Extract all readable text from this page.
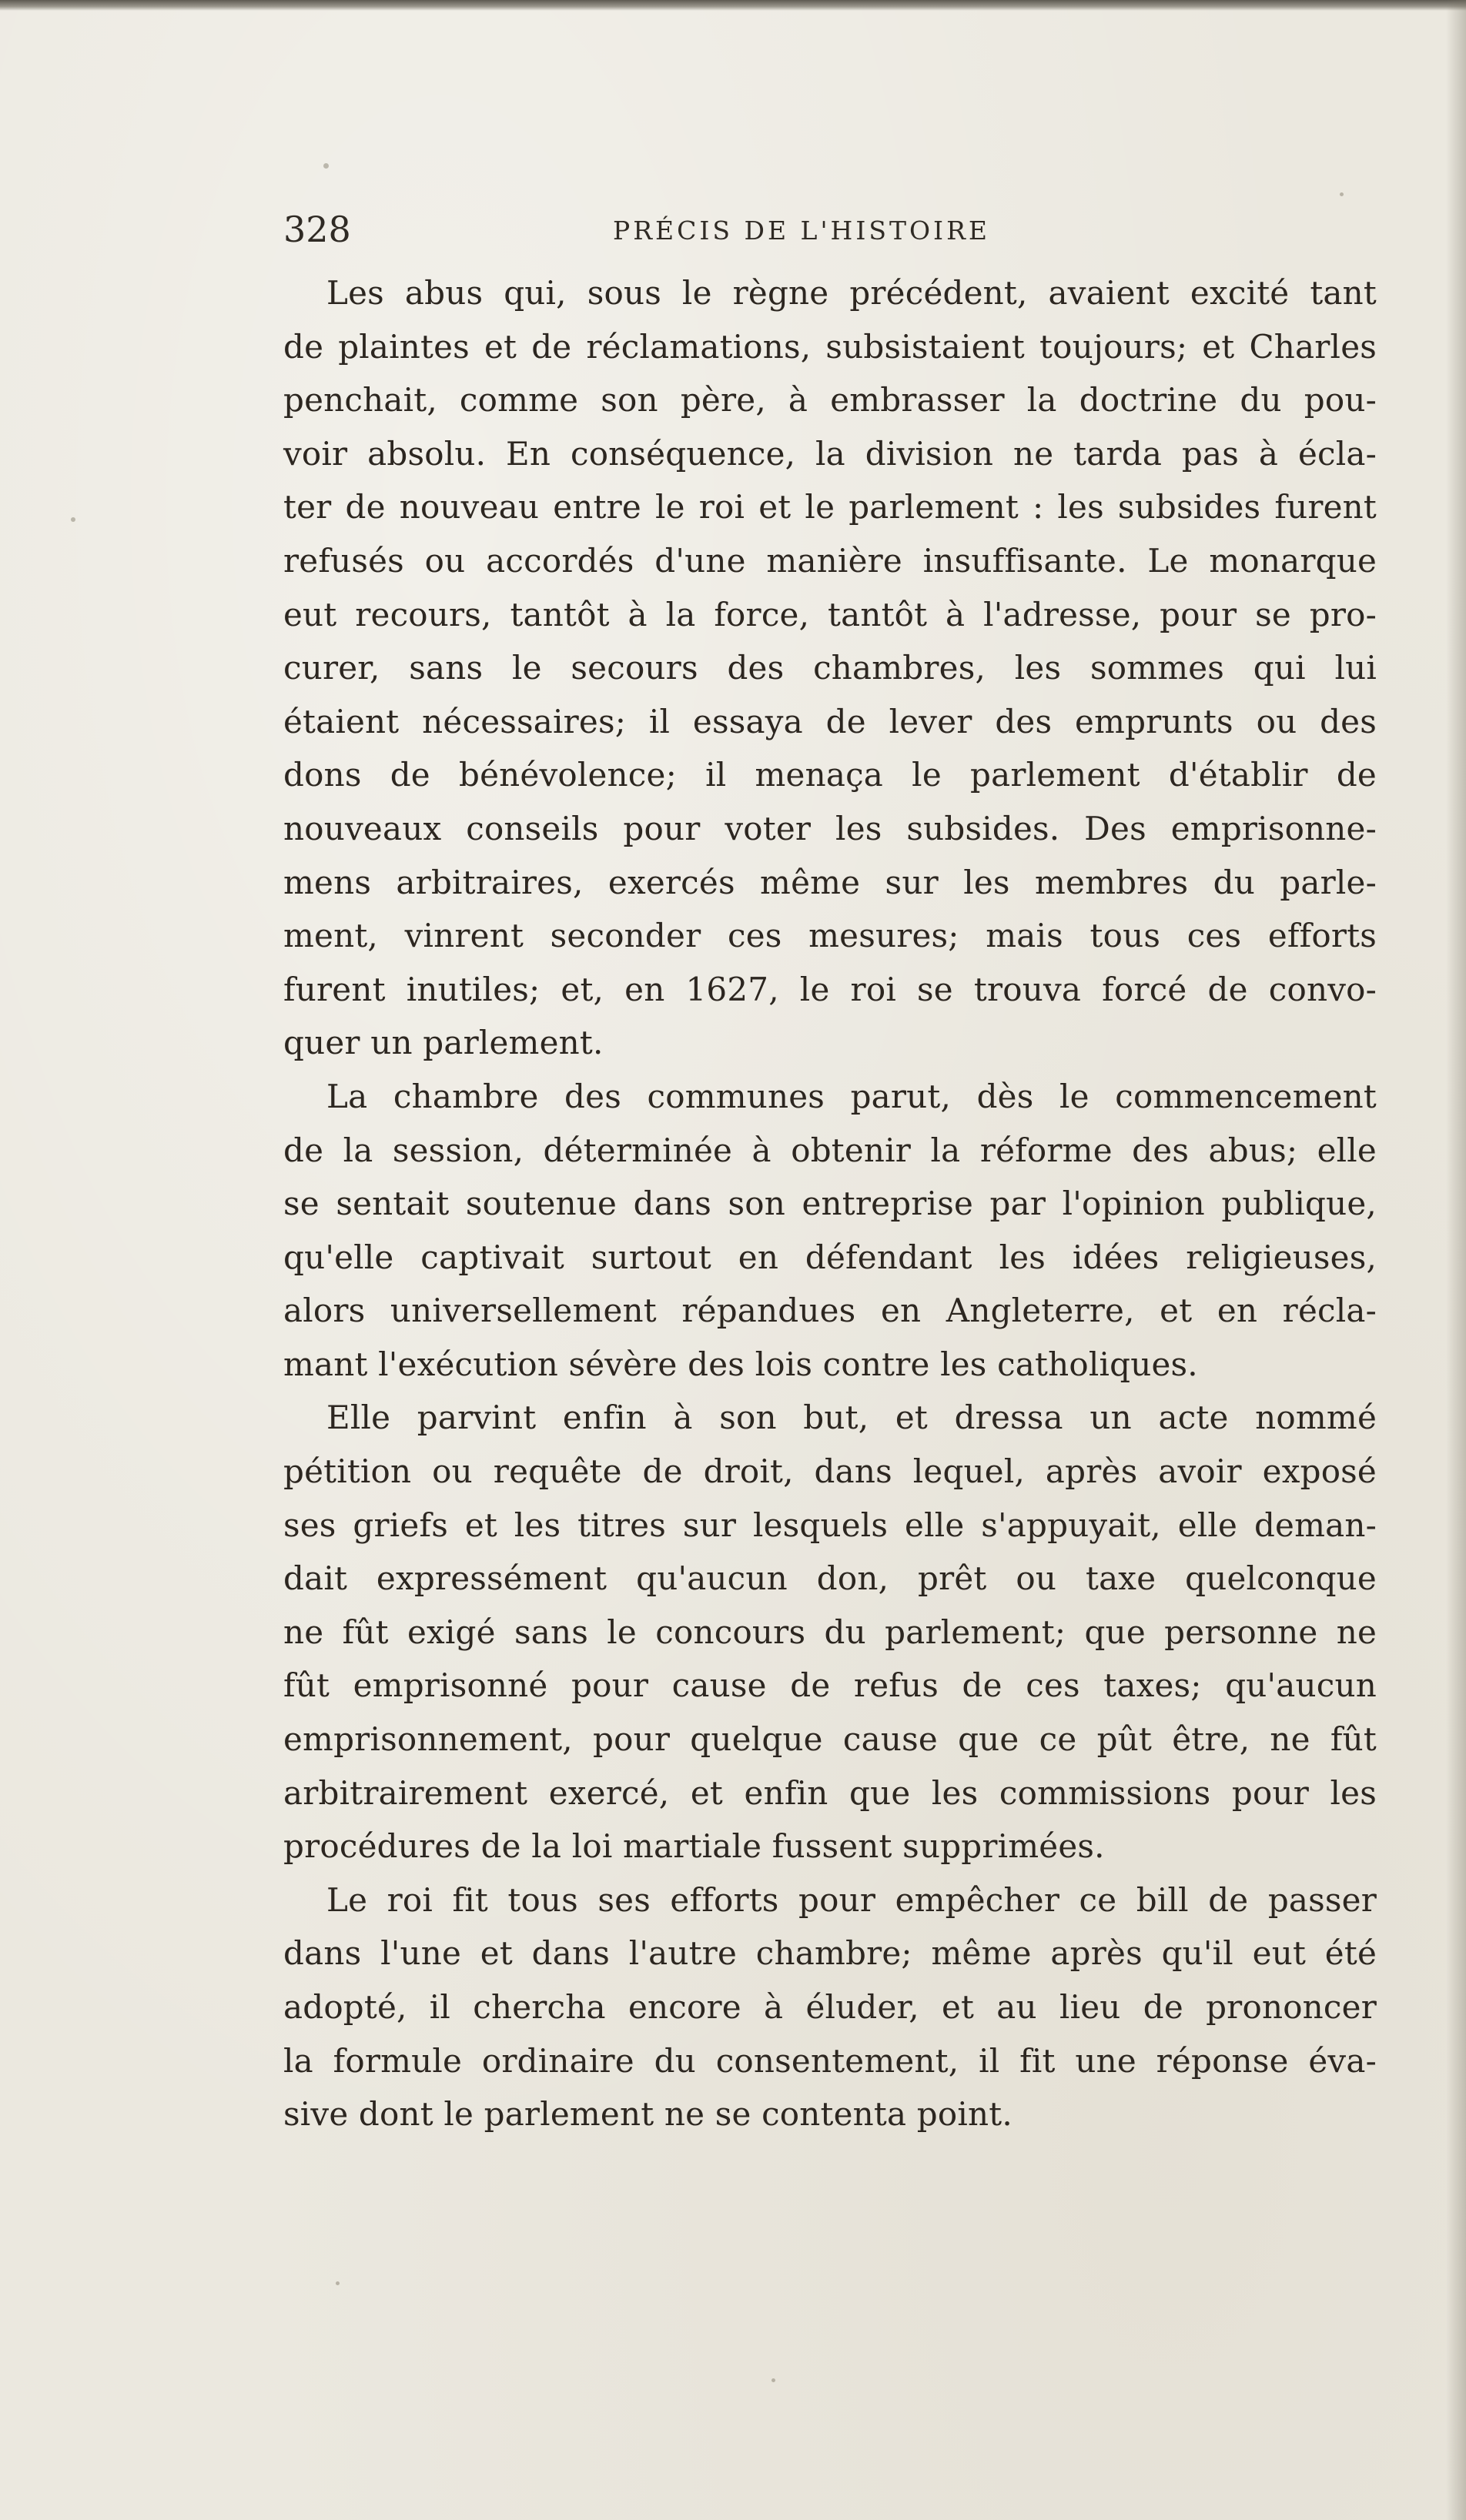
328	PRÉCIS DE L'HISTOIRE
Les abus qui, sous le règne précédent, avaient excité tant
de plaintes et de réclamations, subsistaient toujours; et Charles
penchait, comme son père, à embrasser la doctrine du pou-
voir absolu. En conséquence, la division ne tarda pas à écla-
ter de nouveau entre le roi et le parlement : les subsides furent
refusés ou accordés d'une manière insuffisante. Le monarque
eut recours, tantôt à la force, tantôt à l'adresse, pour se pro-
curer, sans le secours des chambres, les sommes qui lui
étaient nécessaires; il essaya de lever des emprunts ou des
dons de bénévolence; il menaça le parlement d'établir de
nouveaux conseils pour voter les subsides. Des emprisonne-
mens arbitraires, exercés même sur les membres du parle-
ment, vinrent seconder ces mesures; mais tous ces efforts
furent inutiles; et, en 1627, le roi se trouva forcé de convo-
quer un parlement.
La chambre des communes parut, dès le commencement
de la session, déterminée à obtenir la réforme des abus; elle
se sentait soutenue dans son entreprise par l'opinion publique,
qu'elle captivait surtout en défendant les idées religieuses,
alors universellement répandues en Angleterre, et en récla-
mant l'exécution sévère des lois contre les catholiques.
Elle parvint enfin à son but, et dressa un acte nommé
pétition ou requête de droit, dans lequel, après avoir exposé
ses griefs et les titres sur lesquels elle s'appuyait, elle deman-
dait expressément qu'aucun don, prêt ou taxe quelconque
ne fût exigé sans le concours du parlement; que personne ne
fût emprisonné pour cause de refus de ces taxes; qu'aucun
emprisonnement, pour quelque cause que ce pût être, ne fût
arbitrairement exercé, et enfin que les commissions pour les
procédures de la loi martiale fussent supprimées.
Le roi fit tous ses efforts pour empêcher ce bill de passer
dans l'une et dans l'autre chambre; même après qu'il eut été
adopté, il chercha encore à éluder, et au lieu de prononcer
la formule ordinaire du consentement, il fit une réponse éva-
sive dont le parlement ne se contenta point.
